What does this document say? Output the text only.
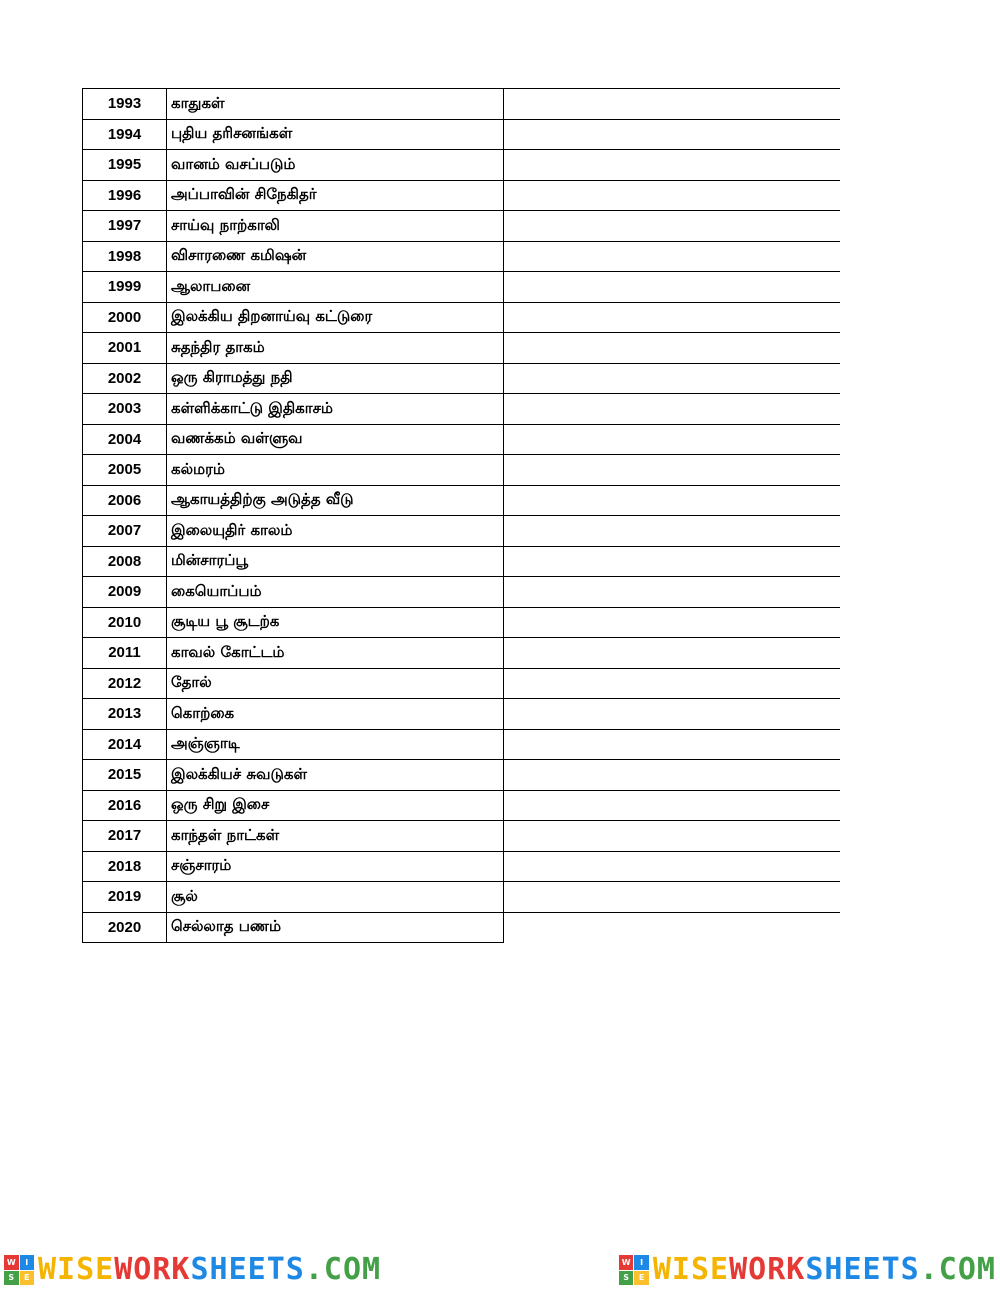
1993	காதுகள்	
1994	புதிய தரிசனங்கள்	
1995	வானம் வசப்படும்	
1996	அப்பாவின் சிநேகிதர்	
1997	சாய்வு நாற்காலி	
1998	விசாரணை கமிஷன்	
1999	ஆலாபனை	
2000	இலக்கிய திறனாய்வு கட்டுரை	
2001	சுதந்திர தாகம்	
2002	ஒரு கிராமத்து நதி	
2003	கள்ளிக்காட்டு இதிகாசம்	
2004	வணக்கம் வள்ளுவ	
2005	கல்மரம்	
2006	ஆகாயத்திற்கு அடுத்த வீடு	
2007	இலையுதிர் காலம்	
2008	மின்சாரப்பூ	
2009	கையொப்பம்	
2010	சூடிய பூ சூடற்க	
2011	காவல் கோட்டம்	
2012	தோல்	
2013	கொற்கை	
2014	அஞ்ஞாடி	
2015	இலக்கியச் சுவடுகள்	
2016	ஒரு சிறு இசை	
2017	காந்தள் நாட்கள்	
2018	சஞ்சாரம்	
2019	சூல்	
2020	செல்லாத பணம்	
W	I
S	E WISEWORKSHEETS.COM	W	I
S	E WISEWORKSHEETS.COM
